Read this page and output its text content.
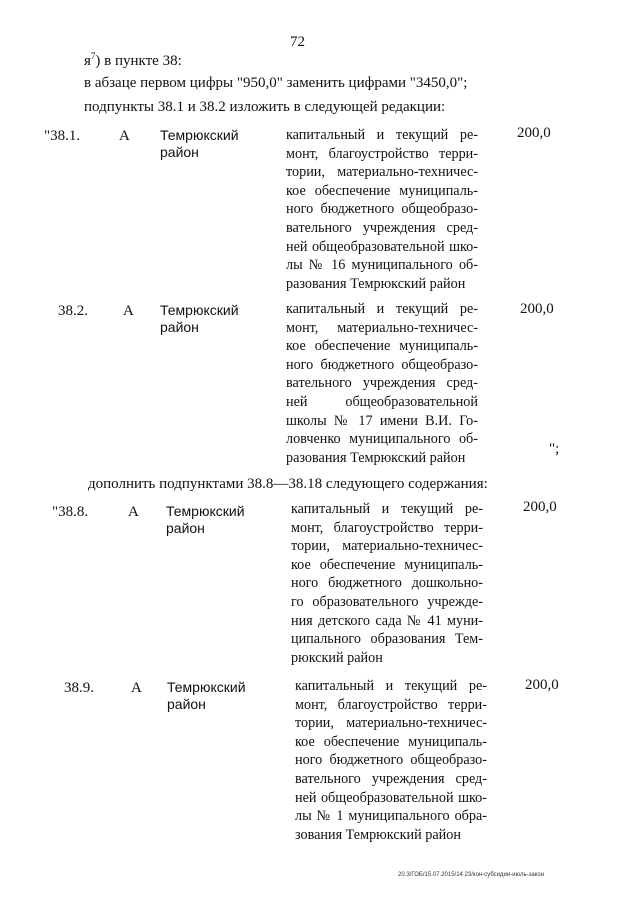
72
$я^7$) в пункте 38:
в абзаце первом цифры "950,0" заменить цифрами "3450,0";
подпункты 38.1 и 38.2 изложить в следующей редакции:
"38.1.	А Темрюкский
район
капитальный и текущий ре-
монт, благоустройство терри-
тории, материально-техничес-
кое обеспечение муниципаль-
ного бюджетного общеобразо-
вательного учреждения сред-
ней общеобразовательной шко-
лы № 16 муниципального об-
разования Темрюкский район
200,0
38.2. А Темрюкский
район
капитальный и текущий ре-
монт, материально-техничес-
кое обеспечение муниципаль-
ного бюджетного общеобразо-
вательного учреждения сред-
ней общеобразовательной
школы № 17 имени В.И. Го-
ловченко муниципального об-
разования Темрюкский район
200,0
";
дополнить подпунктами 38.8—38.18 следующего содержания:
"38.8.	А Темрюкский
район
капитальный и текущий ре-
монт, благоустройство терри-
тории, материально-техничес-
кое обеспечение муниципаль-
ного бюджетного дошкольно-
го образовательного учрежде-
ния детского сада № 41 муни-
ципального образования Тем-
рюкский район
200,0
38.9. А Темрюкский
район
капитальный и текущий ре-
монт, благоустройство терри-
тории, материально-техничес-
кое обеспечение муниципаль-
ного бюджетного общеобразо-
вательного учреждения сред-
ней общеобразовательной шко-
лы № 1 муниципального обра-
зования Темрюкский район
200,0
20.3/ГОБ/15.07.2015/14 23/кон-субсидии-июль-закон
